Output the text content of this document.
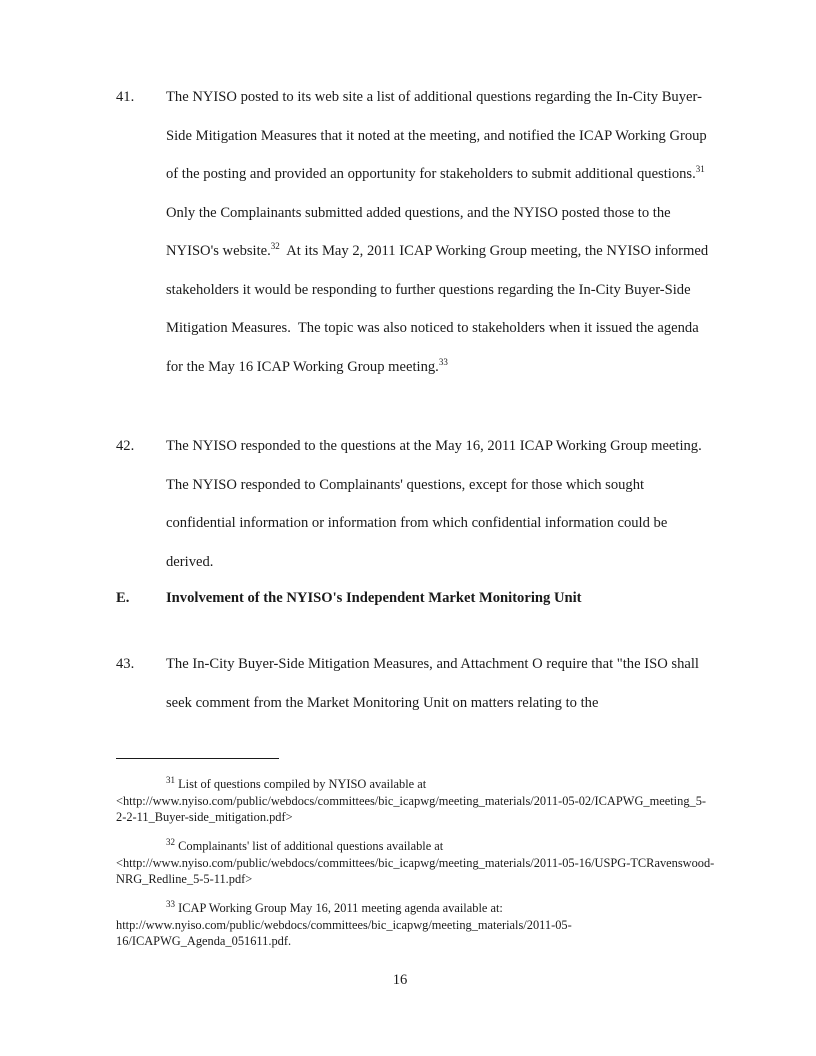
41. The NYISO posted to its web site a list of additional questions regarding the In-City Buyer-Side Mitigation Measures that it noted at the meeting, and notified the ICAP Working Group of the posting and provided an opportunity for stakeholders to submit additional questions.$^{31}$  Only the Complainants submitted added questions, and the NYISO posted those to the NYISO's website.$^{32}$  At its May 2, 2011 ICAP Working Group meeting, the NYISO informed stakeholders it would be responding to further questions regarding the In-City Buyer-Side Mitigation Measures.  The topic was also noticed to stakeholders when it issued the agenda for the May 16 ICAP Working Group meeting.$^{33}$
42. The NYISO responded to the questions at the May 16, 2011 ICAP Working Group meeting. The NYISO responded to Complainants' questions, except for those which sought confidential information or information from which confidential information could be derived.
E.	Involvement of the NYISO's Independent Market Monitoring Unit
43. The In-City Buyer-Side Mitigation Measures, and Attachment O require that "the ISO shall seek comment from the Market Monitoring Unit on matters relating to the
$^{31}$ List of questions compiled by NYISO available at <http://www.nyiso.com/public/webdocs/committees/bic_icapwg/meeting_materials/2011-05-02/ICAPWG_meeting_5-2-2-11_Buyer-side_mitigation.pdf>
$^{32}$ Complainants' list of additional questions available at <http://www.nyiso.com/public/webdocs/committees/bic_icapwg/meeting_materials/2011-05-16/USPG-TCRavenswood-NRG_Redline_5-5-11.pdf>
$^{33}$ ICAP Working Group May 16, 2011 meeting agenda available at: http://www.nyiso.com/public/webdocs/committees/bic_icapwg/meeting_materials/2011-05-16/ICAPWG_Agenda_051611.pdf.
16
